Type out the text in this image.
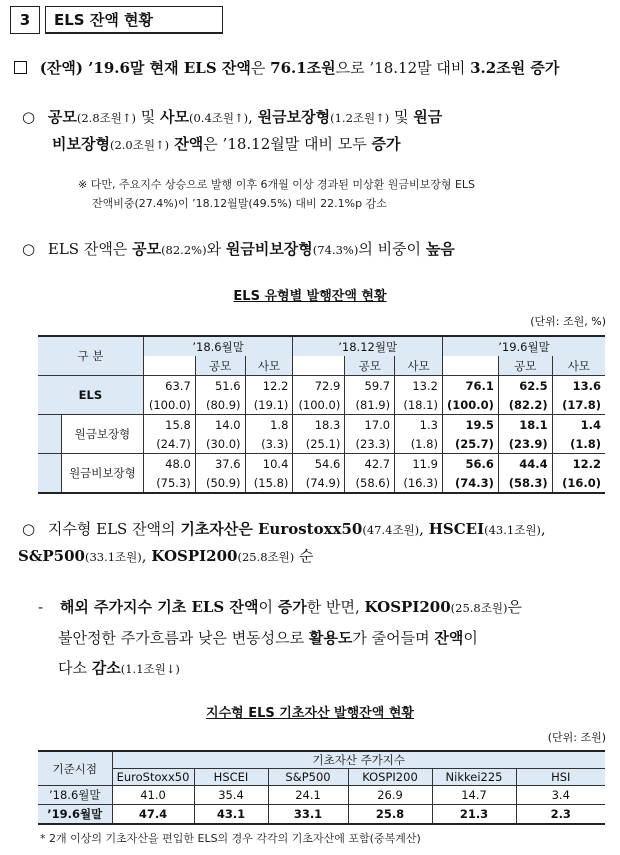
3	ELS 잔액 현황
(잔액) ’19.6말 현재 ELS 잔액은 76.1조원으로 ’18.12말 대비 3.2조원 증가
○ 공모(2.8조원↑) 및 사모(0.4조원↑), 원금보장형(1.2조원↑) 및 원금
비보장형(2.0조원↑) 잔액은 ’18.12월말 대비 모두 증가
※ 다만, 주요지수 상승으로 발행 이후 6개월 이상 경과된 미상환 원금비보장형 ELS
잔액비중(27.4%)이 ’18.12월말(49.5%) 대비 22.1%p 감소
○ ELS 잔액은 공모(82.2%)와 원금비보장형(74.3%)의 비중이 높음
ELS 유형별 발행잔액 현황
(단위: 조원, %)
구 분		’18.6월말			’18.12월말			’19.6월말		
			공모	사모		공모	사모		공모	사모
ELS		63.7	51.6	12.2	72.9	59.7	13.2	76.1	62.5	13.6
		(100.0)	(80.9)	(19.1)	(100.0)	(81.9)	(18.1)	(100.0)	(82.2)	(17.8)
	원금보장형	15.8	14.0	1.8	18.3	17.0	1.3	19.5	18.1	1.4
		(24.7)	(30.0)	(3.3)	(25.1)	(23.3)	(1.8)	(25.7)	(23.9)	(1.8)
	원금비보장형	48.0	37.6	10.4	54.6	42.7	11.9	56.6	44.4	12.2
		(75.3)	(50.9)	(15.8)	(74.9)	(58.6)	(16.3)	(74.3)	(58.3)	(16.0)
○ 지수형 ELS 잔액의 기초자산은 Eurostoxx50(47.4조원), HSCEI(43.1조원),
S&P500(33.1조원), KOSPI200(25.8조원) 순
- 해외 주가지수 기초 ELS 잔액이 증가한 반면, KOSPI200(25.8조원)은
불안정한 주가흐름과 낮은 변동성으로 활용도가 줄어들며 잔액이
다소 감소(1.1조원↓)
지수형 ELS 기초자산 발행잔액 현황
(단위: 조원)
기준시점	기초자산 주가지수					
	EuroStoxx50	HSCEI	S&P500	KOSPI200	Nikkei225	HSI
’18.6월말	41.0	35.4	24.1	26.9	14.7	3.4
’19.6월말	47.4	43.1	33.1	25.8	21.3	2.3
* 2개 이상의 기초자산을 편입한 ELS의 경우 각각의 기초자산에 포함(중복계산)
